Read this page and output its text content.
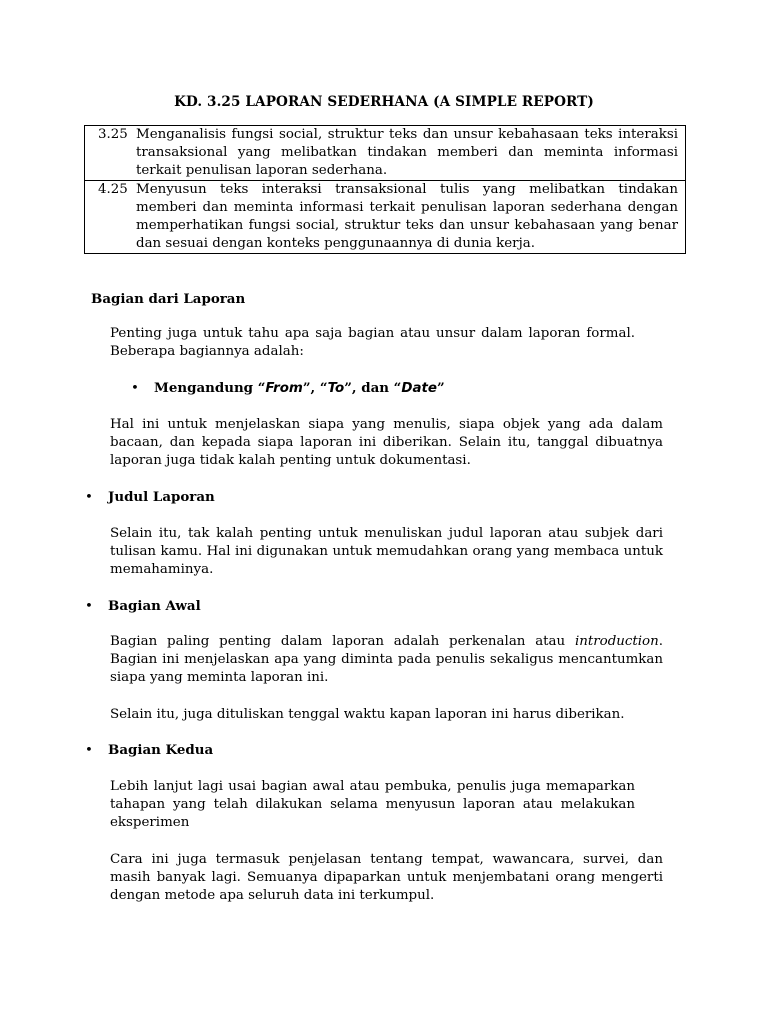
KD. 3.25 LAPORAN SEDERHANA (A SIMPLE REPORT)
3.25 Menganalisis fungsi social, struktur teks dan unsur kebahasaan teks interaksi transaksional yang melibatkan tindakan memberi dan meminta informasi terkait penulisan laporan sederhana.

4.25 Menyusun teks interaksi transaksional tulis yang melibatkan tindakan memberi dan meminta informasi terkait penulisan laporan sederhana dengan memperhatikan fungsi social, struktur teks dan unsur kebahasaan yang benar dan sesuai dengan konteks penggunaannya di dunia kerja.
Bagian dari Laporan

Penting juga untuk tahu apa saja bagian atau unsur dalam laporan formal. Beberapa bagiannya adalah:

•	Mengandung “From”, “To”, dan “Date”

Hal ini untuk menjelaskan siapa yang menulis, siapa objek yang ada dalam bacaan, dan kepada siapa laporan ini diberikan. Selain itu, tanggal dibuatnya laporan juga tidak kalah penting untuk dokumentasi.

•	Judul Laporan

Selain itu, tak kalah penting untuk menuliskan judul laporan atau subjek dari tulisan kamu. Hal ini digunakan untuk memudahkan orang yang membaca untuk memahaminya.

•	Bagian Awal

Bagian paling penting dalam laporan adalah perkenalan atau introduction. Bagian ini menjelaskan apa yang diminta pada penulis sekaligus mencantumkan siapa yang meminta laporan ini.

Selain itu, juga dituliskan tenggal waktu kapan laporan ini harus diberikan.

•	Bagian Kedua

Lebih lanjut lagi usai bagian awal atau pembuka, penulis juga memaparkan tahapan yang telah dilakukan selama menyusun laporan atau melakukan eksperimen

Cara ini juga termasuk penjelasan tentang tempat, wawancara, survei, dan masih banyak lagi. Semuanya dipaparkan untuk menjembatani orang mengerti dengan metode apa seluruh data ini terkumpul.
